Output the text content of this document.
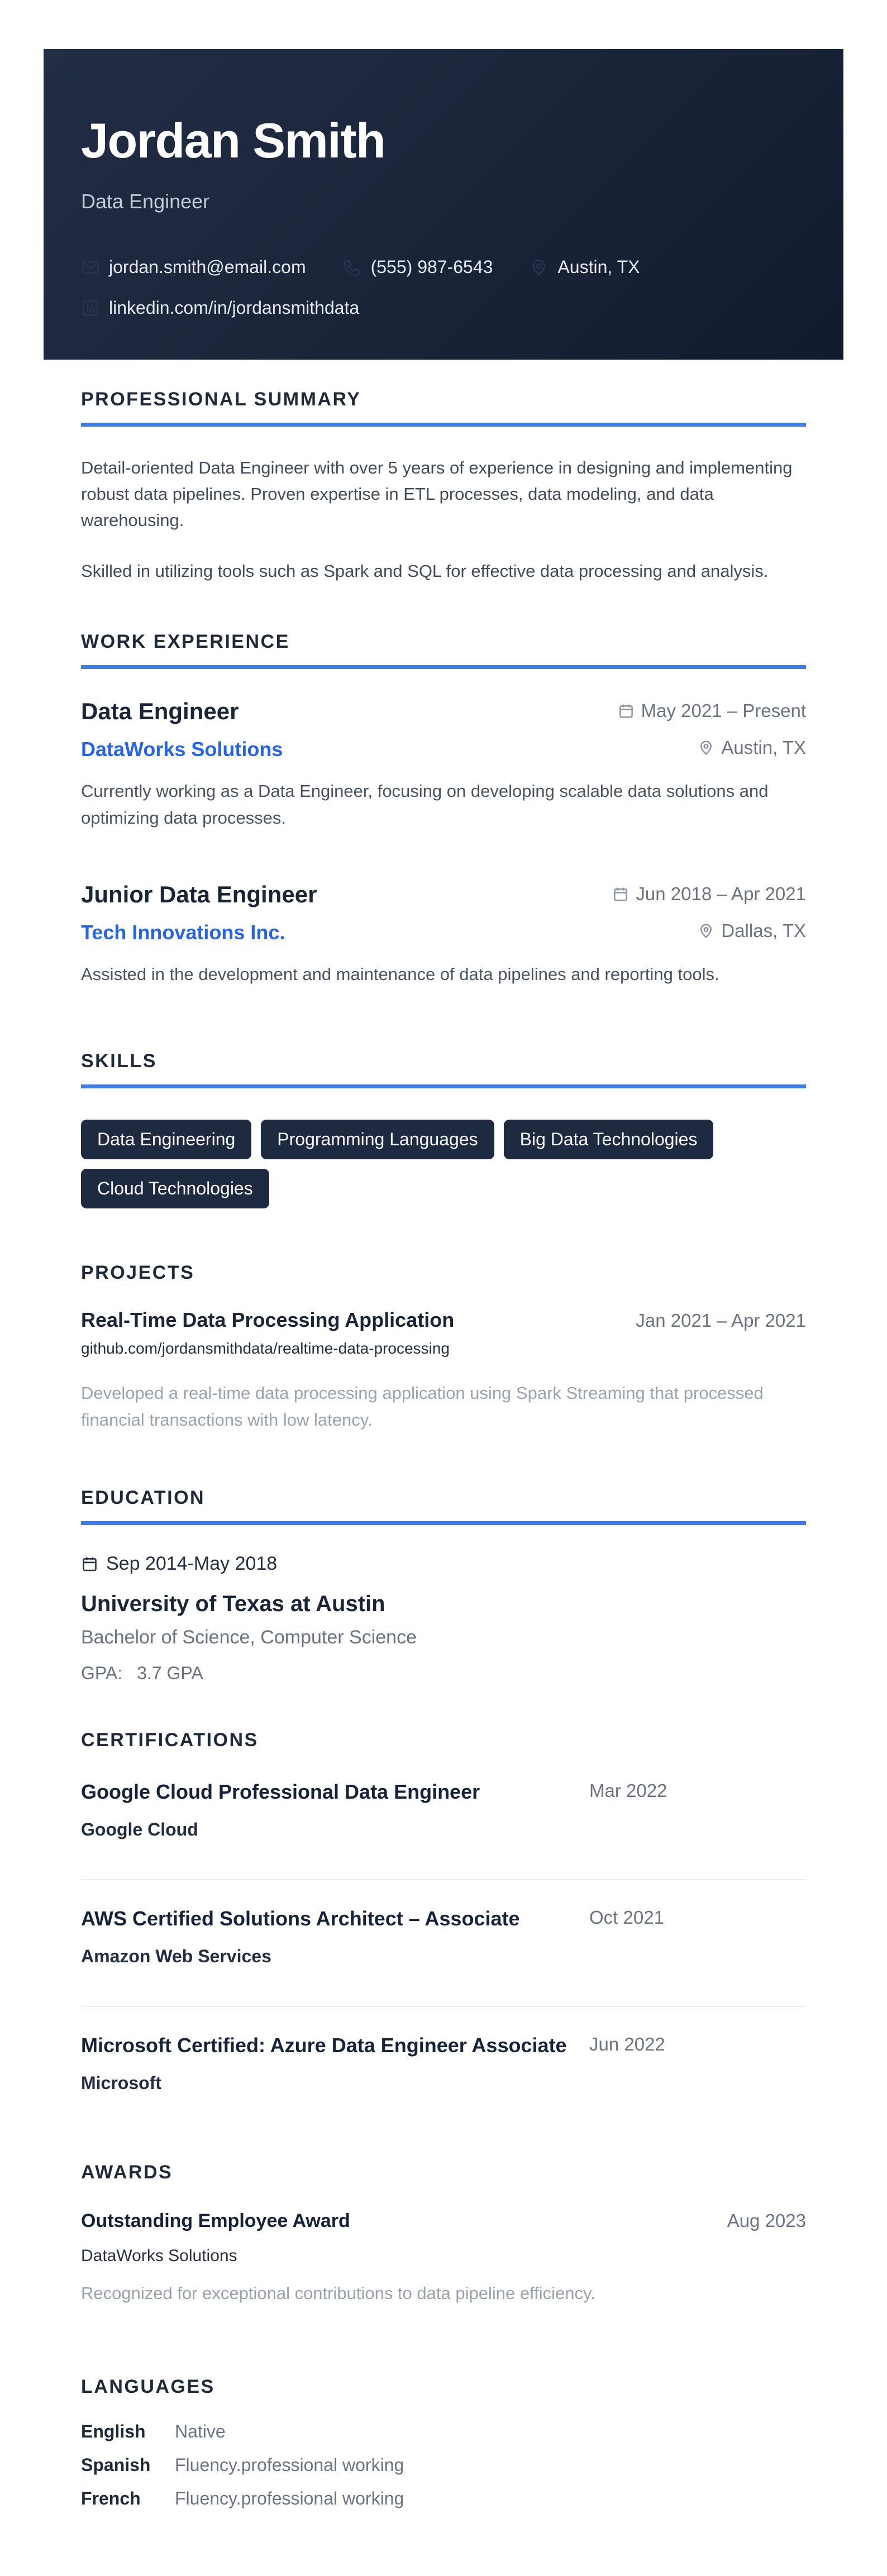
Jordan Smith
Data Engineer
jordan.smith@email.com	(555) 987-6543	Austin, TX
linkedin.com/in/jordansmithdata
PROFESSIONAL SUMMARY

Detail-oriented Data Engineer with over 5 years of experience in designing and implementing robust data pipelines. Proven expertise in ETL processes, data modeling, and data warehousing.

Skilled in utilizing tools such as Spark and SQL for effective data processing and analysis.

WORK EXPERIENCE
Data Engineer	May 2021 – Present
DataWorks Solutions	Austin, TX

Currently working as a Data Engineer, focusing on developing scalable data solutions and optimizing data processes.

Junior Data Engineer	Jun 2018 – Apr 2021
Tech Innovations Inc.	Dallas, TX

Assisted in the development and maintenance of data pipelines and reporting tools.

SKILLS
Data Engineering	Programming Languages	Big Data Technologies
Cloud Technologies
PROJECTS
Real-Time Data Processing Application	Jan 2021 – Apr 2021
github.com/jordansmithdata/realtime-data-processing

Developed a real-time data processing application using Spark Streaming that processed financial transactions with low latency.

EDUCATION
Sep 2014-May 2018
University of Texas at Austin
Bachelor of Science, Computer Science
GPA: 3.7 GPA
CERTIFICATIONS
Google Cloud Professional Data Engineer	Mar 2022
Google Cloud
AWS Certified Solutions Architect – Associate	Oct 2021
Amazon Web Services
Microsoft Certified: Azure Data Engineer Associate	Jun 2022
Microsoft
AWARDS
Outstanding Employee Award	Aug 2023
DataWorks Solutions

Recognized for exceptional contributions to data pipeline efficiency.

LANGUAGES
English	Native
Spanish	Fluency.professional working
French	Fluency.professional working
